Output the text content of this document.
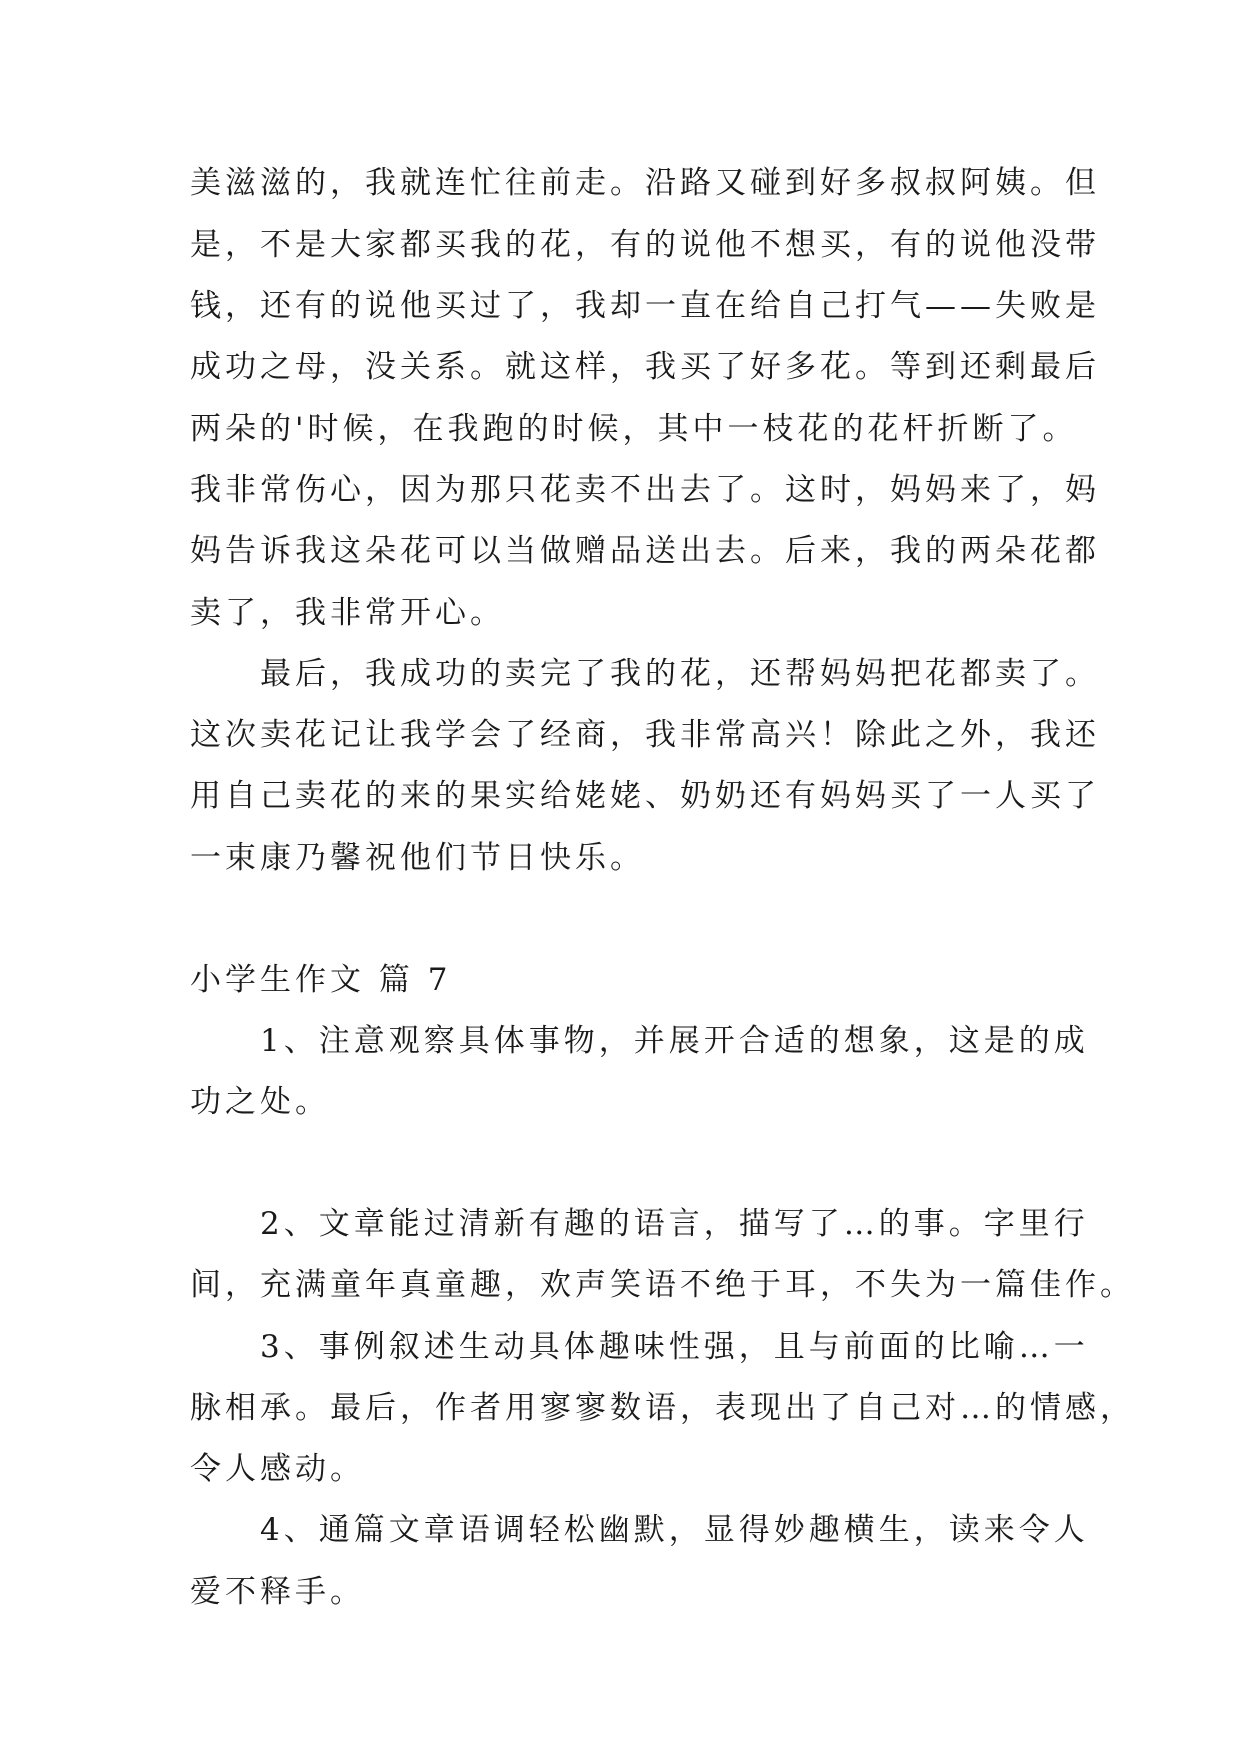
美滋滋的，我就连忙往前走。沿路又碰到好多叔叔阿姨。但
是，不是大家都买我的花，有的说他不想买，有的说他没带
钱，还有的说他买过了，我却一直在给自己打气——失败是
成功之母，没关系。就这样，我买了好多花。等到还剩最后
两朵的'时候，在我跑的时候，其中一枝花的花杆折断了。
我非常伤心，因为那只花卖不出去了。这时，妈妈来了，妈
妈告诉我这朵花可以当做赠品送出去。后来，我的两朵花都
卖了，我非常开心。
　　最后，我成功的卖完了我的花，还帮妈妈把花都卖了。
这次卖花记让我学会了经商，我非常高兴！除此之外，我还
用自己卖花的来的果实给姥姥、奶奶还有妈妈买了一人买了
一束康乃馨祝他们节日快乐。
小学生作文 篇 7
　　1、注意观察具体事物，并展开合适的想象，这是的成
功之处。
　　2、文章能过清新有趣的语言，描写了…的事。字里行
间，充满童年真童趣，欢声笑语不绝于耳，不失为一篇佳作。
　　3、事例叙述生动具体趣味性强，且与前面的比喻…一
脉相承。最后，作者用寥寥数语，表现出了自己对…的情感，
令人感动。
　　4、通篇文章语调轻松幽默，显得妙趣横生，读来令人
爱不释手。
